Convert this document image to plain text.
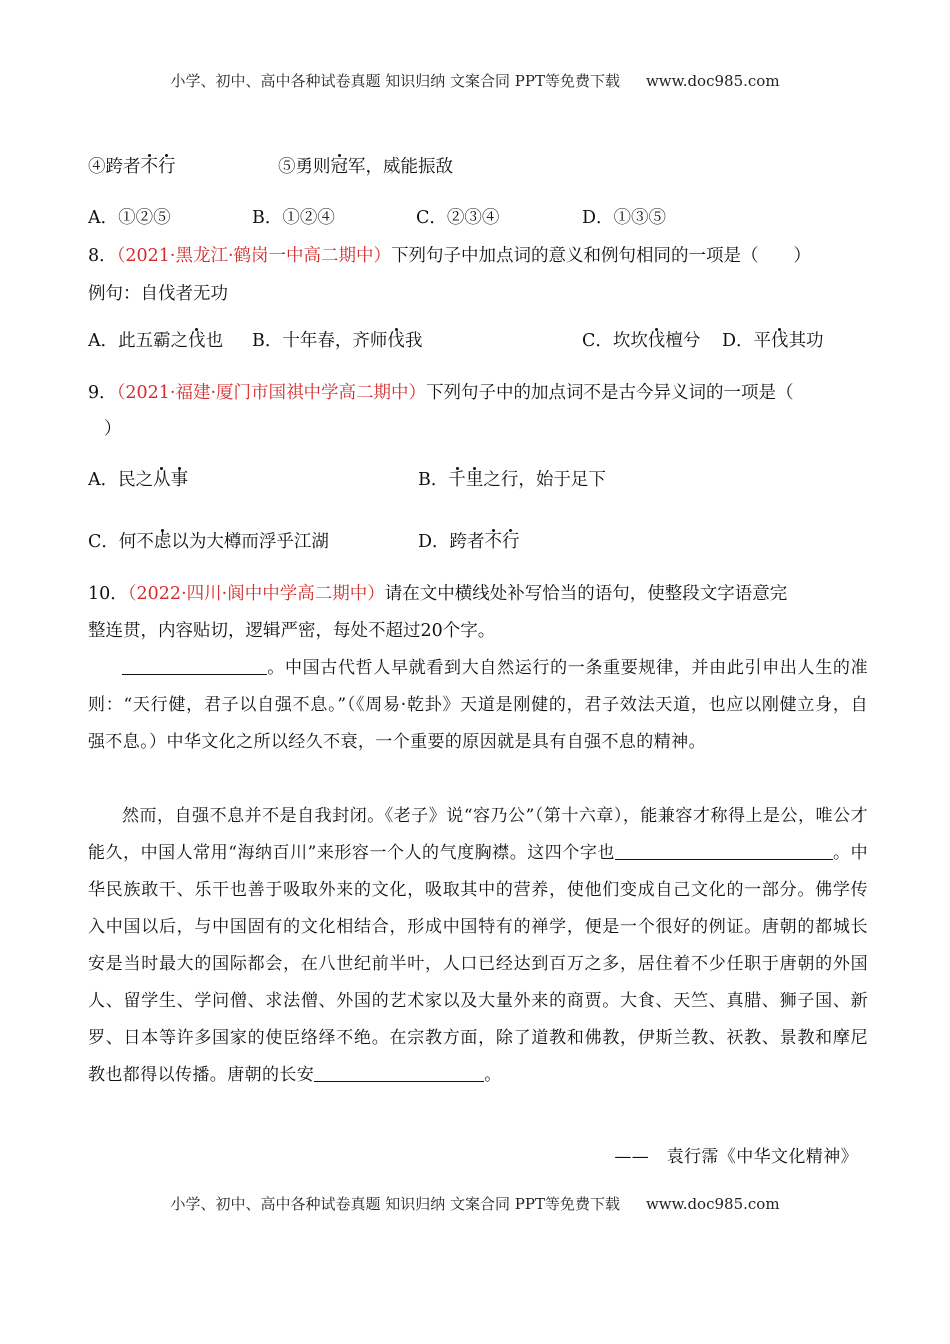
小学、初中、高中各种试卷真题 知识归纳 文案合同 PPT等免费下载 www.doc985.com
④跨者不行	⑤勇则冠军，威能振敌
A．①②⑤	B．①②④	C．②③④	D．①③⑤
8．（2021·黑龙江·鹤岗一中高二期中）下列句子中加点词的意义和例句相同的一项是（　　）
例句：自伐者无功
A．此五霸之伐也 B．十年春，齐师伐我	C．坎坎伐檀兮 D．平伐其功
9．（2021·福建·厦门市国祺中学高二期中）下列句子中的加点词不是古今异义词的一项是（
）
A．民之从事	B．千里之行，始于足下
C．何不虑以为大樽而浮乎江湖	D．跨者不行
10．（2022·四川·阆中中学高二期中）请在文中横线处补写恰当的语句，使整段文字语意完
整连贯，内容贴切，逻辑严密，每处不超过20个字。
。中国古代哲人早就看到大自然运行的一条重要规律，并由此引申出人生的准则：“天行健，君子以自强不息。”（《周易·乾卦》天道是刚健的，君子效法天道，也应以刚健立身，自强不息。）中华文化之所以经久不衰，一个重要的原因就是具有自强不息的精神。
然而，自强不息并不是自我封闭。《老子》说“容乃公”（第十六章），能兼容才称得上是公，唯公才能久，中国人常用“海纳百川”来形容一个人的气度胸襟。这四个字也	。中华民族敢干、乐干也善于吸取外来的文化，吸取其中的营养，使他们变成自己文化的一部分。佛学传入中国以后，与中国固有的文化相结合，形成中国特有的禅学，便是一个很好的例证。唐朝的都城长安是当时最大的国际都会，在八世纪前半叶，人口已经达到百万之多，居住着不少任职于唐朝的外国人、留学生、学问僧、求法僧、外国的艺术家以及大量外来的商贾。大食、天竺、真腊、狮子国、新罗、日本等许多国家的使臣络绎不绝。在宗教方面，除了道教和佛教，伊斯兰教、祆教、景教和摩尼教也都得以传播。唐朝的长安	。
——　袁行霈《中华文化精神》
小学、初中、高中各种试卷真题 知识归纳 文案合同 PPT等免费下载 www.doc985.com
